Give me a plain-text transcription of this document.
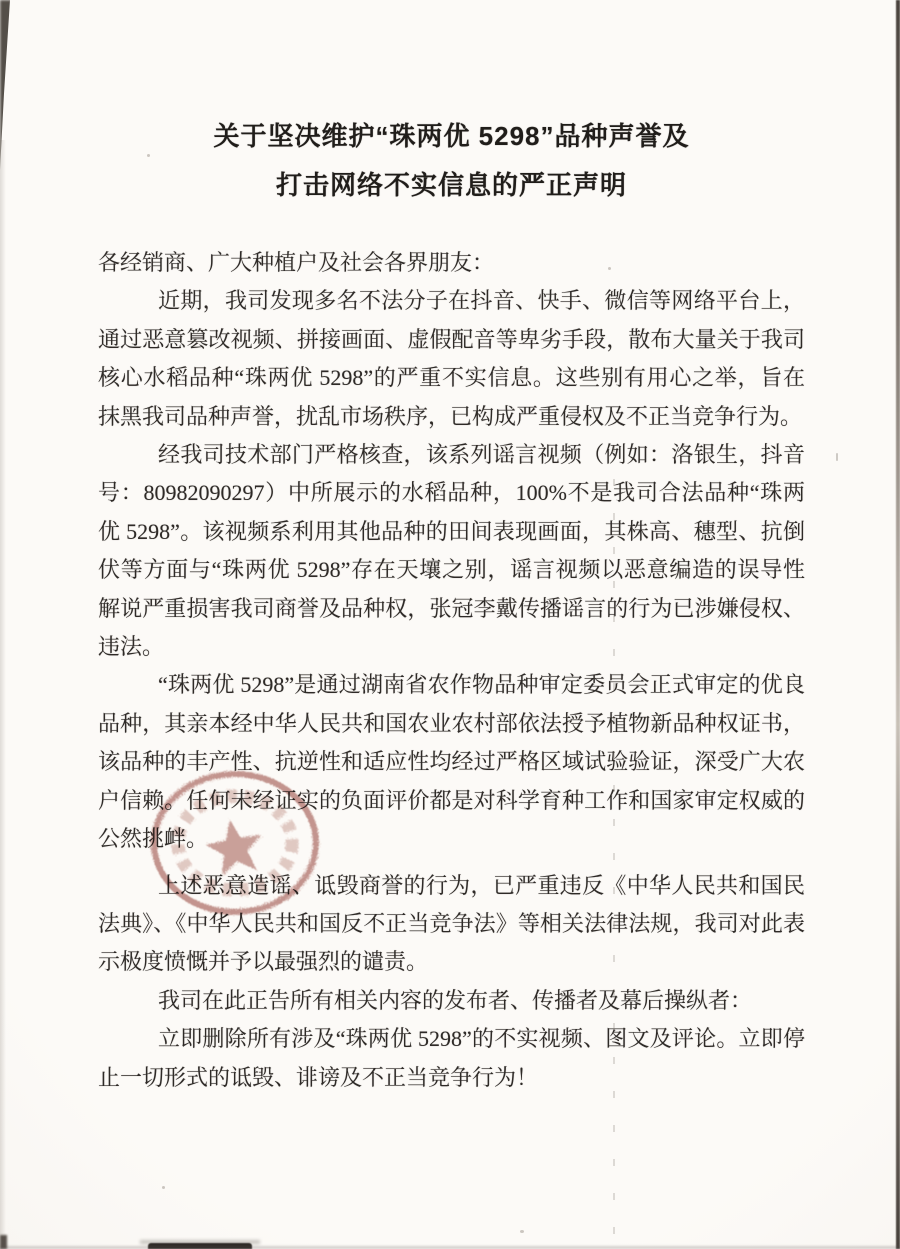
关于坚决维护“珠两优 5298”品种声誉及
打击网络不实信息的严正声明

各经销商、广大种植户及社会各界朋友：

近期，我司发现多名不法分子在抖音、快手、微信等网络平台上，通过恶意篡改视频、拼接画面、虚假配音等卑劣手段，散布大量关于我司核心水稻品种“珠两优 5298”的严重不实信息。这些别有用心之举，旨在抹黑我司品种声誉，扰乱市场秩序，已构成严重侵权及不正当竞争行为。

经我司技术部门严格核查，该系列谣言视频（例如：洛银生，抖音号：80982090297）中所展示的水稻品种，100%不是我司合法品种“珠两优 5298”。该视频系利用其他品种的田间表现画面，其株高、穗型、抗倒伏等方面与“珠两优 5298”存在天壤之别，谣言视频以恶意编造的误导性解说严重损害我司商誉及品种权，张冠李戴传播谣言的行为已涉嫌侵权、违法。

“珠两优 5298”是通过湖南省农作物品种审定委员会正式审定的优良品种，其亲本经中华人民共和国农业农村部依法授予植物新品种权证书，该品种的丰产性、抗逆性和适应性均经过严格区域试验验证，深受广大农户信赖。任何未经证实的负面评价都是对科学育种工作和国家审定权威的公然挑衅。

上述恶意造谣、诋毁商誉的行为，已严重违反《中华人民共和国民法典》、《中华人民共和国反不正当竞争法》等相关法律法规，我司对此表示极度愤慨并予以最强烈的谴责。

我司在此正告所有相关内容的发布者、传播者及幕后操纵者：

立即删除所有涉及“珠两优 5298”的不实视频、图文及评论。立即停止一切形式的诋毁、诽谤及不正当竞争行为！
